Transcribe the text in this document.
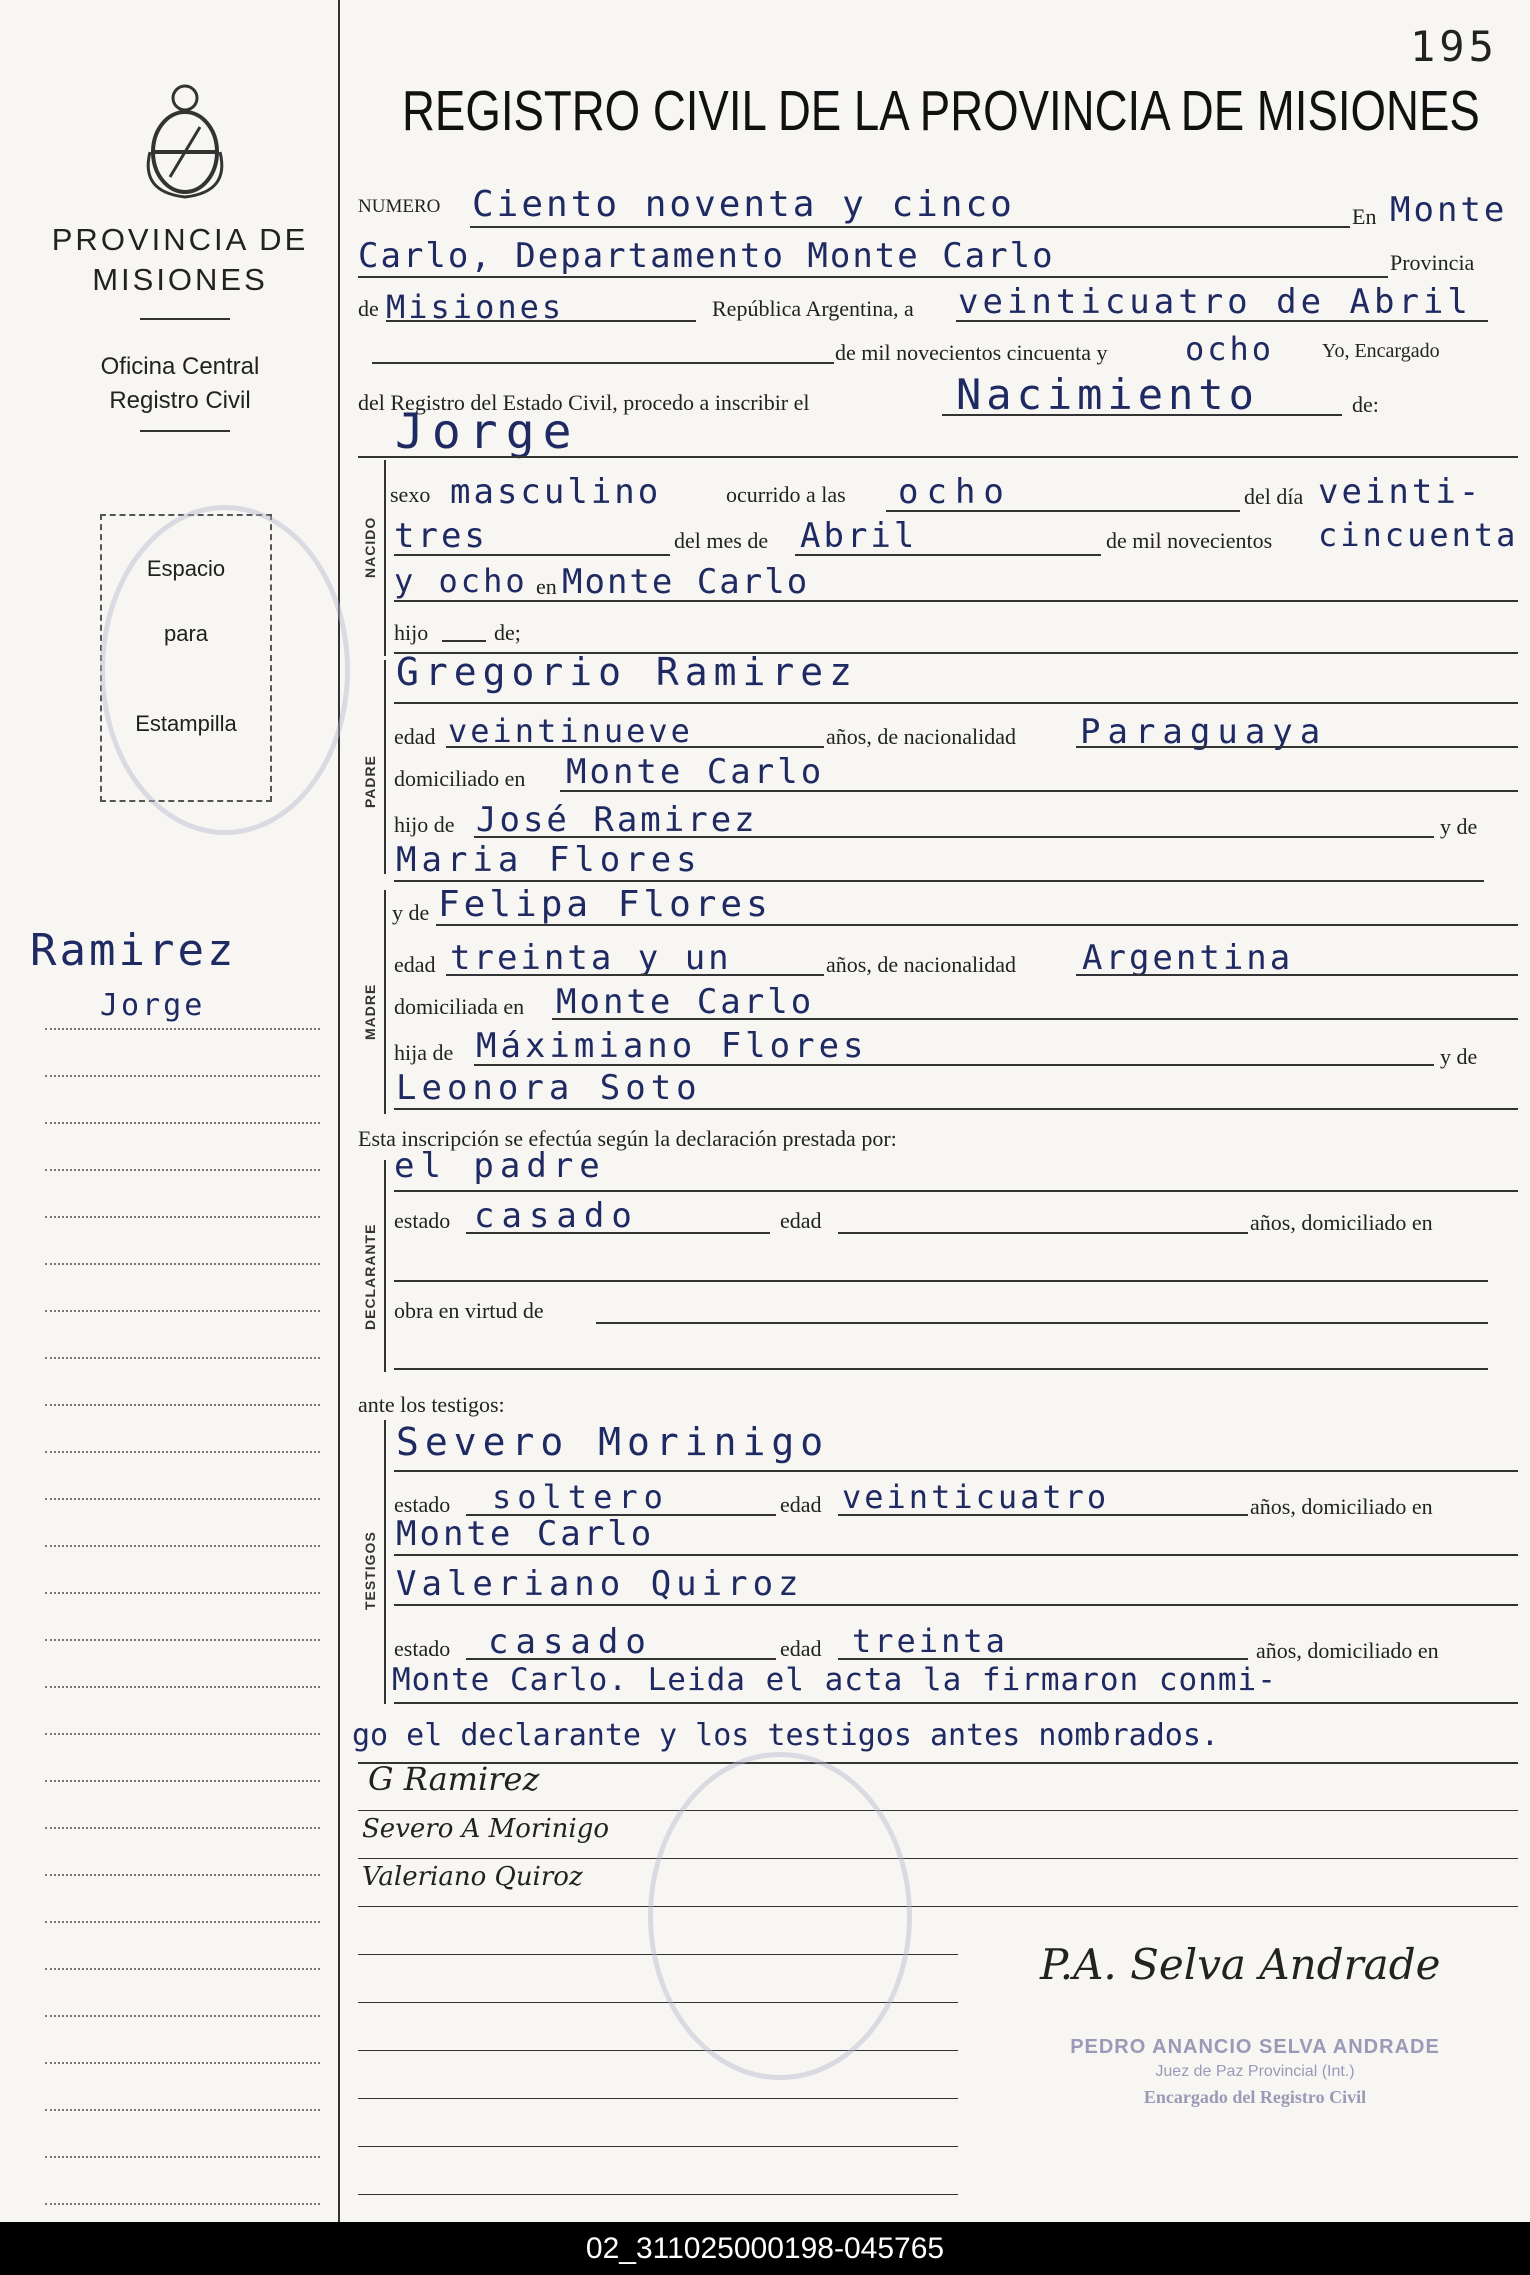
195
REGISTRO CIVIL DE LA PROVINCIA DE MISIONES
PROVINCIA DE
MISIONES
Oficina Central
Registro Civil
Espacio
para
Estampilla
Ramirez
Jorge
NUMERO Ciento noventa y cinco	En Monte
Carlo, Departamento Monte Carlo	Provincia
de Misiones	República Argentina, a veinticuatro de Abril
de mil novecientos cincuenta y ocho Yo, Encargado
del Registro del Estado Civil, procedo a inscribir el	Nacimiento	de:
Jorge
NACIDO
sexo masculino	ocurrido a las ocho	del día veinti-
tres	del mes de Abril	de mil novecientos cincuenta
y ocho en Monte Carlo
hijo	de;
PADRE
Gregorio Ramirez
edad veintinueve	años, de nacionalidad Paraguaya
domiciliado en Monte Carlo
hijo de José Ramirez	y de
Maria Flores
MADRE
y de Felipa Flores
edad treinta y un	años, de nacionalidad Argentina
domiciliada en Monte Carlo
hija de Máximiano Flores	y de
Leonora Soto
Esta inscripción se efectúa según la declaración prestada por:
DECLARANTE
el padre
estado casado	edad	años, domiciliado en
obra en virtud de
ante los testigos:
TESTIGOS
Severo Morinigo
estado soltero	edad veinticuatro	años, domiciliado en
Monte Carlo
Valeriano Quiroz
estado casado	edad treinta	años, domiciliado en
Monte Carlo. Leida el acta la firmaron conmi-
go el declarante y los testigos antes nombrados.
G Ramirez
Severo A Morinigo
Valeriano Quiroz
P.A. Selva Andrade
PEDRO ANANCIO SELVA ANDRADE
Juez de Paz Provincial (Int.)
Encargado del Registro Civil
02_311025000198-045765
